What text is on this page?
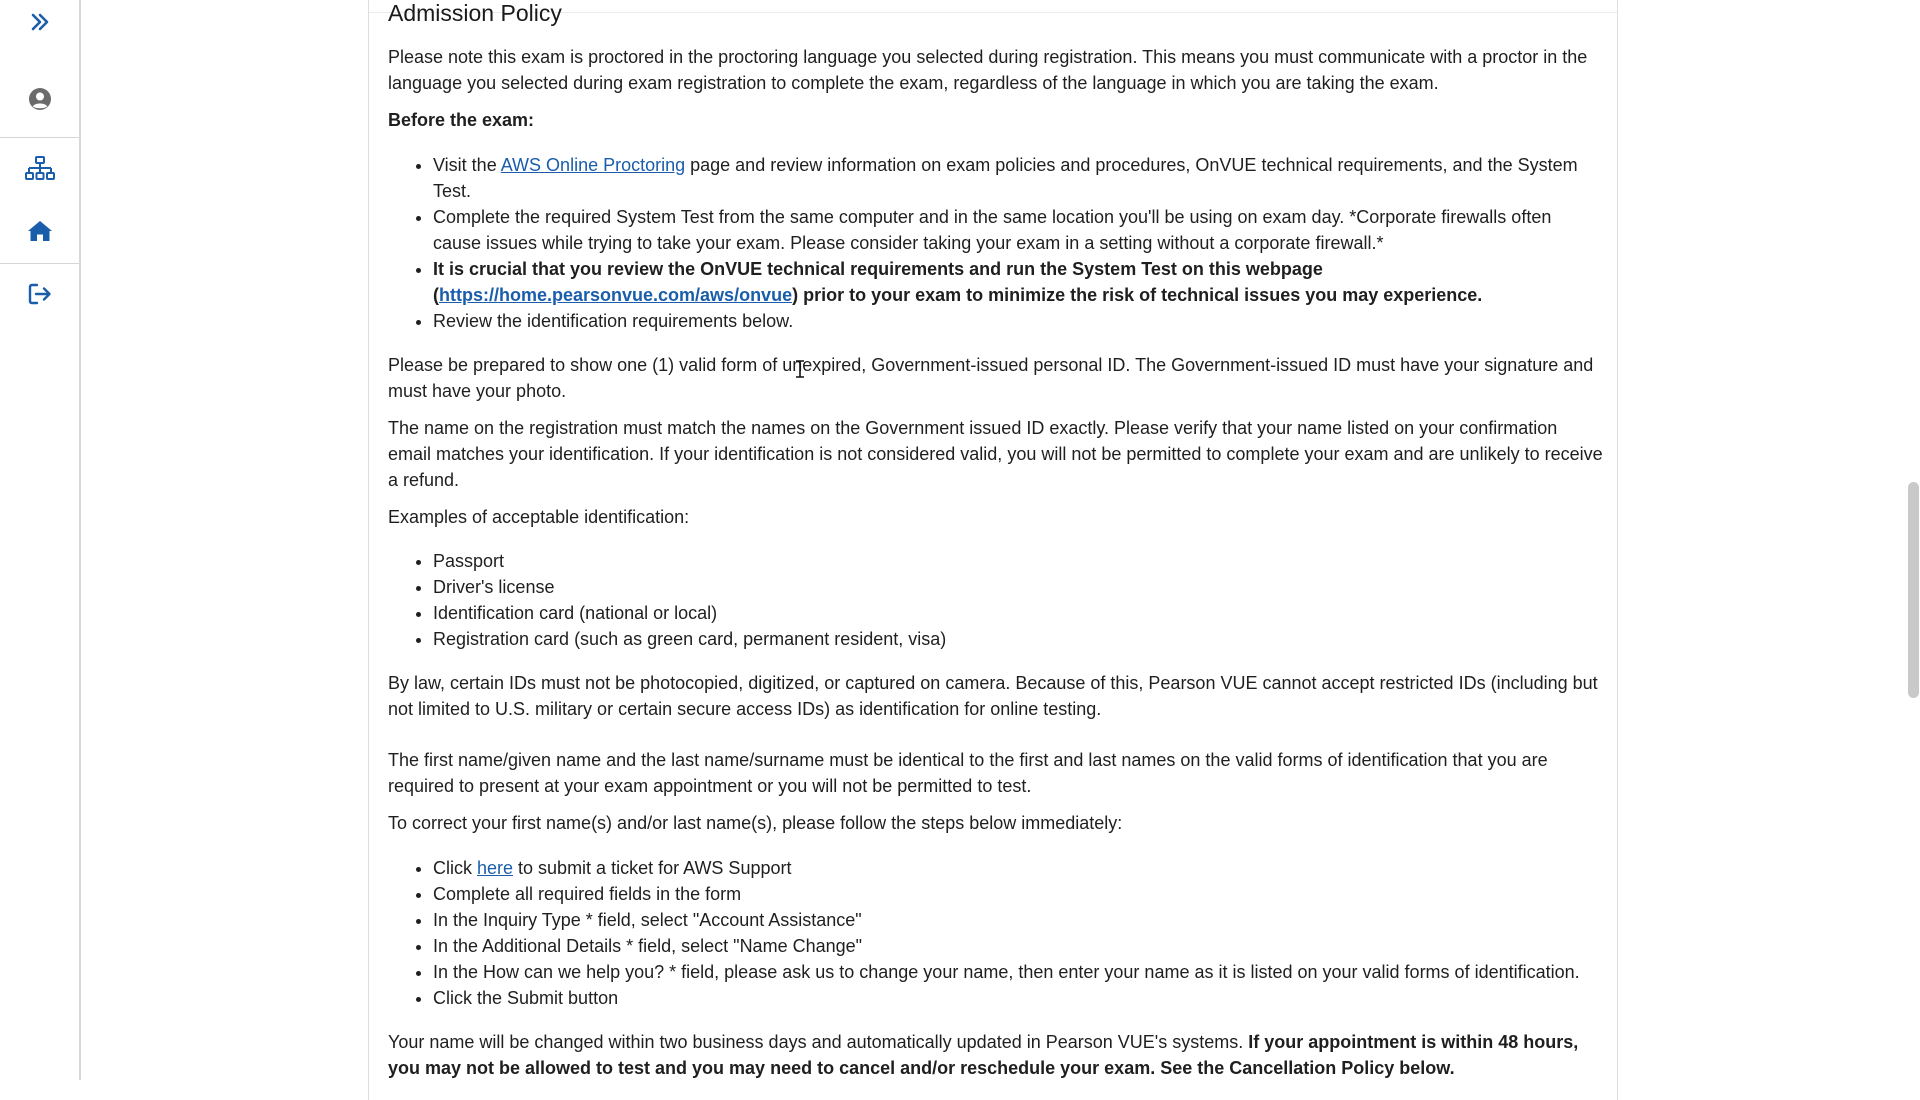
Admission Policy

Please note this exam is proctored in the proctoring language you selected during registration. This means you must communicate with a proctor in the language you selected during exam registration to complete the exam, regardless of the language in which you are taking the exam.

Before the exam:

• Visit the AWS Online Proctoring page and review information on exam policies and procedures, OnVUE technical requirements, and the System Test.
• Complete the required System Test from the same computer and in the same location you'll be using on exam day. *Corporate firewalls often cause issues while trying to take your exam. Please consider taking your exam in a setting without a corporate firewall.*
• It is crucial that you review the OnVUE technical requirements and run the System Test on this webpage (https://home.pearsonvue.com/aws/onvue) prior to your exam to minimize the risk of technical issues you may experience.
• Review the identification requirements below.

Please be prepared to show one (1) valid form of unexpired, Government-issued personal ID. The Government-issued ID must have your signature and must have your photo.

The name on the registration must match the names on the Government issued ID exactly. Please verify that your name listed on your confirmation email matches your identification. If your identification is not considered valid, you will not be permitted to complete your exam and are unlikely to receive a refund.

Examples of acceptable identification:

• Passport
• Driver's license
• Identification card (national or local)
• Registration card (such as green card, permanent resident, visa)

By law, certain IDs must not be photocopied, digitized, or captured on camera. Because of this, Pearson VUE cannot accept restricted IDs (including but not limited to U.S. military or certain secure access IDs) as identification for online testing.

The first name/given name and the last name/surname must be identical to the first and last names on the valid forms of identification that you are required to present at your exam appointment or you will not be permitted to test.

To correct your first name(s) and/or last name(s), please follow the steps below immediately:

• Click here to submit a ticket for AWS Support
• Complete all required fields in the form
• In the Inquiry Type * field, select "Account Assistance"
• In the Additional Details * field, select "Name Change"
• In the How can we help you? * field, please ask us to change your name, then enter your name as it is listed on your valid forms of identification.
• Click the Submit button

Your name will be changed within two business days and automatically updated in Pearson VUE's systems. If your appointment is within 48 hours, you may not be allowed to test and you may need to cancel and/or reschedule your exam. See the Cancellation Policy below.
